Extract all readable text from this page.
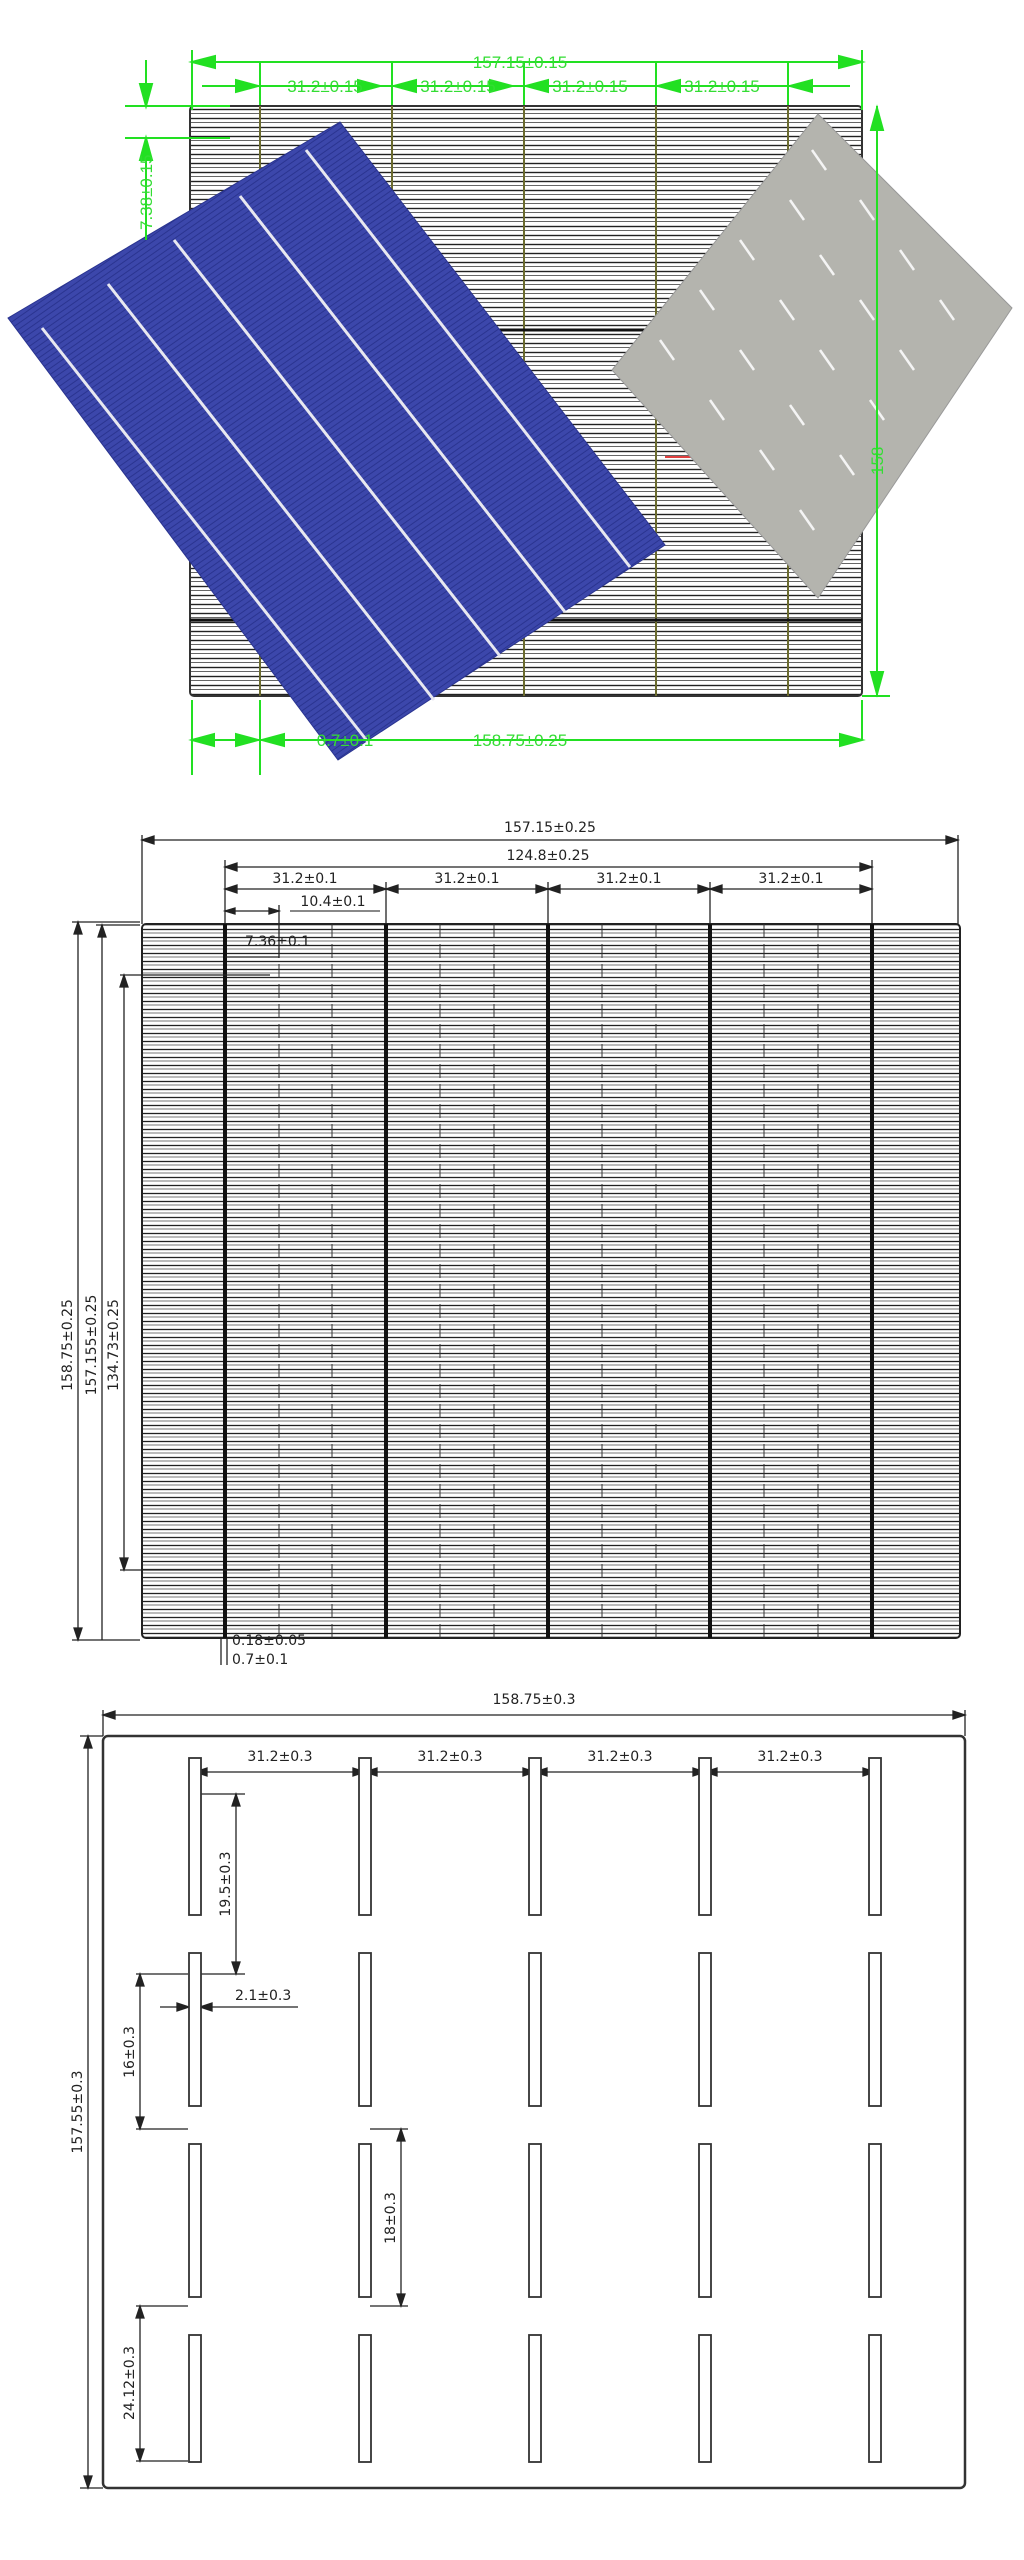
157.15±0.15
31.2±0.15	31.2±0.15	31.2±0.15	31.2±0.15
7.38±0.15
0.7±0.1	158.75±0.25
158
157.15±0.25
124.8±0.25
31.2±0.1	31.2±0.1	31.2±0.1	31.2±0.1
10.4±0.1
7.36±0.1
158.75±0.25 157.155±0.25 134.73±0.25
0.18±0.05
0.7±0.1
158.75±0.3
31.2±0.3	31.2±0.3	31.2±0.3	31.2±0.3
19.5±0.3
2.1±0.3
16±0.3
18±0.3
24.12±0.3
157.55±0.3
